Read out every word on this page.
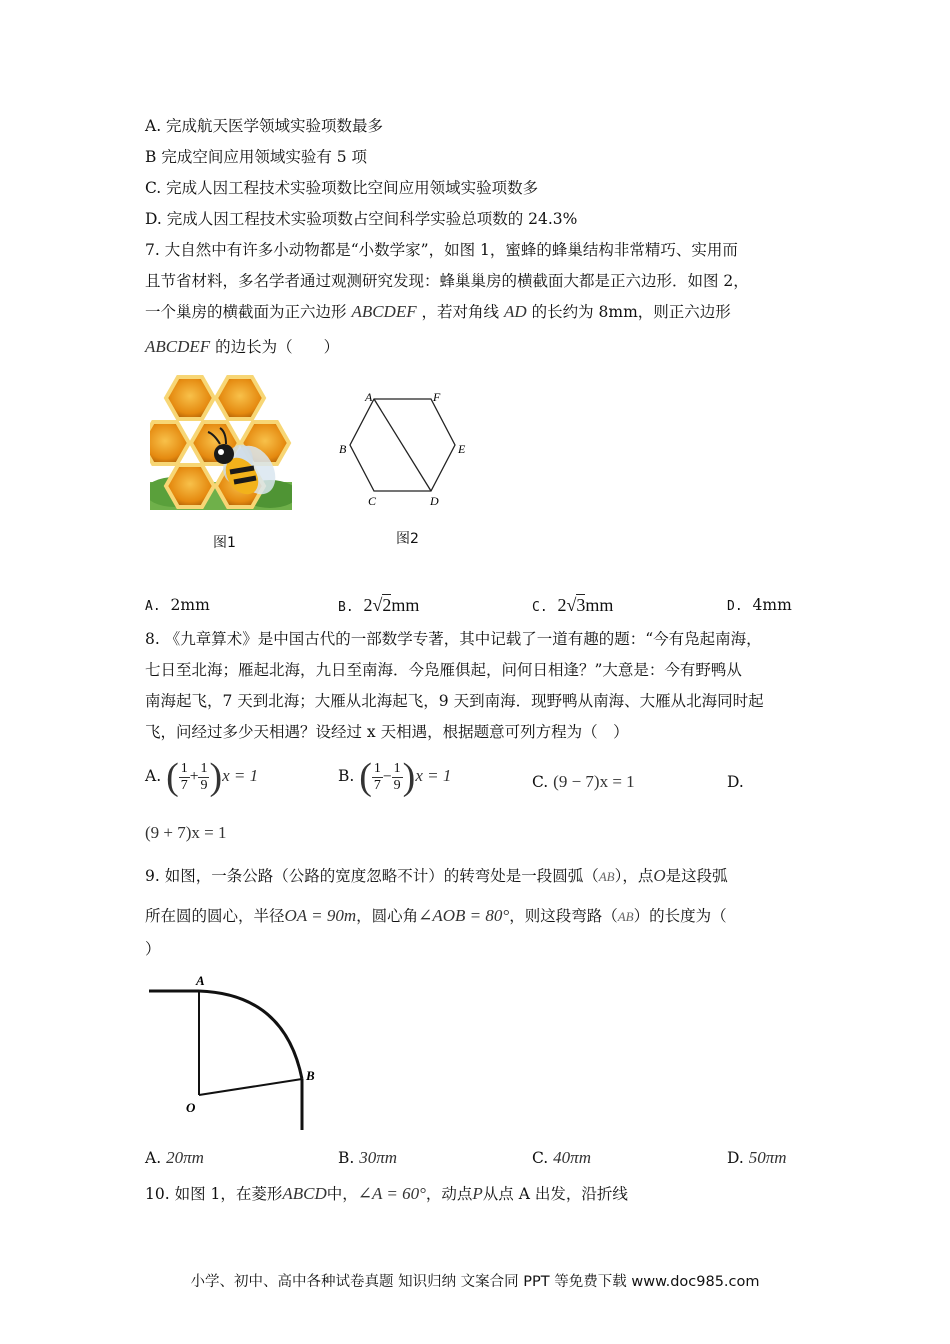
A. 完成航天医学领域实验项数最多
B 完成空间应用领域实验有 5 项
C. 完成人因工程技术实验项数比空间应用领域实验项数多
D. 完成人因工程技术实验项数占空间科学实验总项数的 24.3%
7. 大自然中有许多小动物都是“小数学家”，如图 1，蜜蜂的蜂巢结构非常精巧、实用而
且节省材料，多名学者通过观测研究发现：蜂巢巢房的横截面大都是正六边形．如图 2，
一个巢房的横截面为正六边形 ABCDEF ，若对角线 AD 的长约为 8mm，则正六边形
ABCDEF 的边长为（　　）
图1
A	F
B	E
C	D
图2
A. 2mm	B. 2√2mm	C. 2√3mm	D. 4mm
8. 《九章算术》是中国古代的一部数学专著，其中记载了一道有趣的题：“今有凫起南海，
七日至北海；雁起北海，九日至南海．今凫雁俱起，问何日相逢？”大意是：今有野鸭从
南海起飞，7 天到北海；大雁从北海起飞，9 天到南海．现野鸭从南海、大雁从北海同时起
飞，问经过多少天相遇？设经过 x 天相遇，根据题意可列方程为（　）
A. ( $\frac{1}{7} + \frac{1}{9} )x = 1$	B. ( $\frac{1}{7} - \frac{1}{9} )x = 1$	C. (9 − 7)x = 1	D.
(9 + 7)x = 1
9. 如图，一条公路（公路的宽度忽略不计）的转弯处是一段圆弧（AB），点O是这段弧
所在圆的圆心，半径OA = 90m，圆心角∠AOB = 80°，则这段弯路（AB）的长度为（
）
A
B
O
A. 20πm	B. 30πm	C. 40πm	D. 50πm
10. 如图 1，在菱形ABCD中，∠A = 60°，动点P从点 A 出发，沿折线
小学、初中、高中各种试卷真题 知识归纳 文案合同 PPT 等免费下载 www.doc985.com
